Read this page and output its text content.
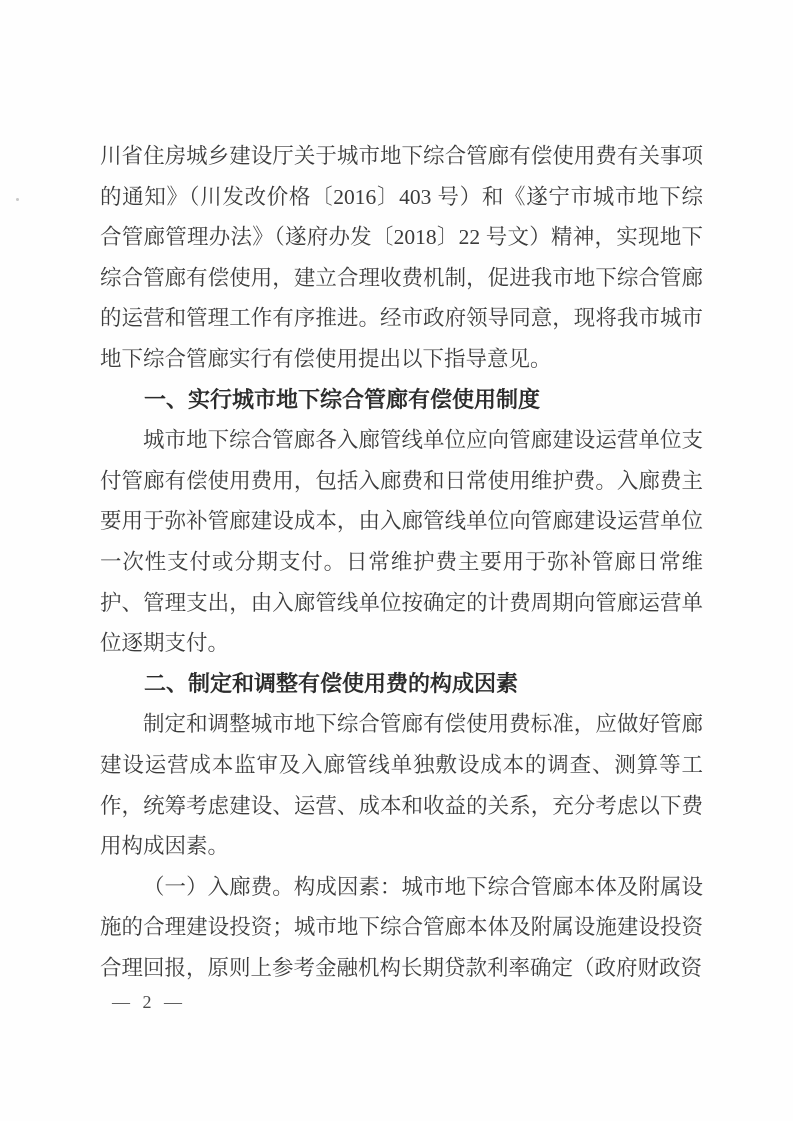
川省住房城乡建设厅关于城市地下综合管廊有偿使用费有关事项的通知》（川发改价格〔2016〕403 号）和《遂宁市城市地下综合管廊管理办法》（遂府办发〔2018〕22 号文）精神，实现地下综合管廊有偿使用，建立合理收费机制，促进我市地下综合管廊的运营和管理工作有序推进。经市政府领导同意，现将我市城市地下综合管廊实行有偿使用提出以下指导意见。

一、实行城市地下综合管廊有偿使用制度

城市地下综合管廊各入廊管线单位应向管廊建设运营单位支付管廊有偿使用费用，包括入廊费和日常使用维护费。入廊费主要用于弥补管廊建设成本，由入廊管线单位向管廊建设运营单位一次性支付或分期支付。日常维护费主要用于弥补管廊日常维护、管理支出，由入廊管线单位按确定的计费周期向管廊运营单位逐期支付。

二、制定和调整有偿使用费的构成因素

制定和调整城市地下综合管廊有偿使用费标准，应做好管廊建设运营成本监审及入廊管线单独敷设成本的调查、测算等工作，统筹考虑建设、运营、成本和收益的关系，充分考虑以下费用构成因素。

（一）入廊费。构成因素：城市地下综合管廊本体及附属设施的合理建设投资；城市地下综合管廊本体及附属设施建设投资合理回报，原则上参考金融机构长期贷款利率确定（政府财政资

— 2 —
